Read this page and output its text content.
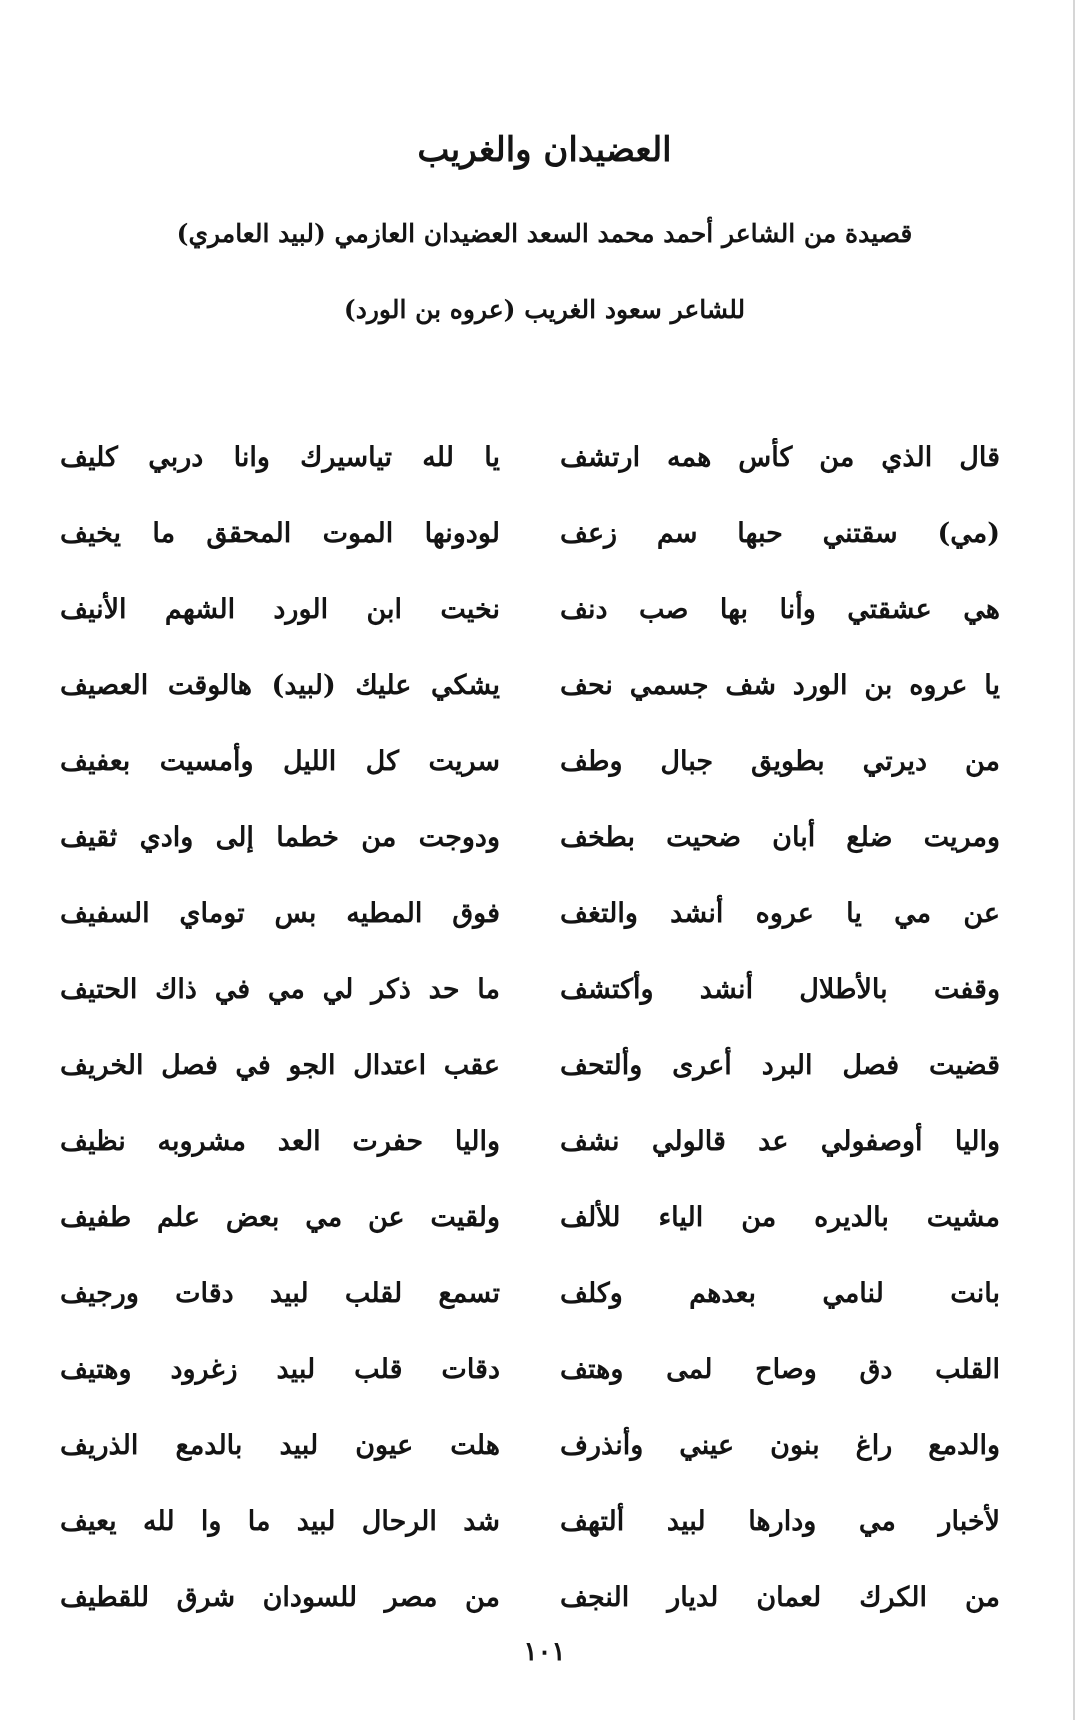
العضيدان والغريب

قصيدة من الشاعر أحمد محمد السعد العضيدان العازمي (لبيد العامري)

للشاعر سعود الغريب (عروه بن الورد)

قال الذي من كأس همه ارتشف
(مي) سقتني حبها سم زعف
هي عشقتي وأنا بها صب دنف
يا عروه بن الورد شف جسمي نحف
من ديرتي بطويق جبال وطف
ومريت ضلع أبان ضحيت بطخف
عن مي يا عروه أنشد والتغف
وقفت بالأطلال أنشد وأكتشف
قضيت فصل البرد أعرى وألتحف
واليا أوصفولي عد قالولي نشف
مشيت بالديره من الياء للألف
بانت لنامي بعدهم وكلف
القلب دق وصاح لمى وهتف
والدمع راغ بنون عيني وأنذرف
لأخبار مي ودارها لبيد ألتهف
من الكرك لعمان لديار النجف
يا لله تياسيرك وانا دربي كليف
لودونها الموت المحقق ما يخيف
نخيت ابن الورد الشهم الأنيف
يشكي عليك (لبيد) هالوقت العصيف
سريت كل الليل وأمسيت بعفيف
ودوجت من خطما إلى وادي ثقيف
فوق المطيه بس توماي السفيف
ما حد ذكر لي مي في ذاك الحتيف
عقب اعتدال الجو في فصل الخريف
واليا حفرت العد مشروبه نظيف
ولقيت عن مي بعض علم طفيف
تسمع لقلب لبيد دقات ورجيف
دقات قلب لبيد زغرود وهتيف
هلت عيون لبيد بالدمع الذريف
شد الرحال لبيد ما وا لله يعيف
من مصر للسودان شرق للقطيف
١٠١
